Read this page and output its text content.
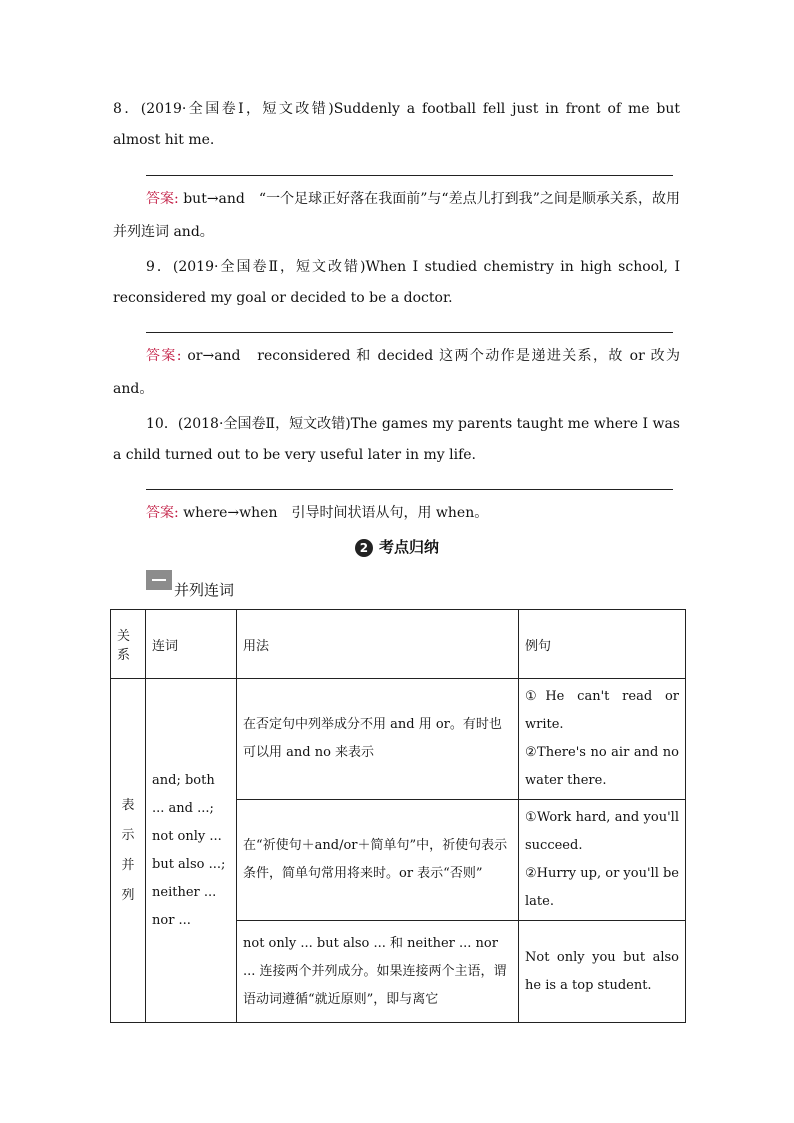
8．(2019·全国卷Ⅰ，短文改错)Suddenly a football fell just in front of me but almost hit me.
答案: but→and　“一个足球正好落在我面前”与“差点儿打到我”之间是顺承关系，故用并列连词 and。
9．(2019·全国卷Ⅱ，短文改错)When I studied chemistry in high school, I reconsidered my goal or decided to be a doctor.
答案: or→and　reconsidered 和 decided 这两个动作是递进关系，故 or 改为 and。
10．(2018·全国卷Ⅱ，短文改错)The games my parents taught me where I was a child turned out to be very useful later in my life.
答案: where→when　引导时间状语从句，用 when。
2 考点归纳
并列连词
关系	连词	用法	例句
表示并列	and; both ... and ...; not only ... but also ...; neither ... nor ...	在否定句中列举成分不用 and 用 or。有时也可以用 and no 来表示	①He can't read or write.
②There's no air and no water there.
		在“祈使句＋and/or＋简单句”中，祈使句表示条件，简单句常用将来时。or 表示“否则”	①Work hard, and you'll succeed.
②Hurry up, or you'll be late.
		not only ... but also ... 和 neither ... nor ... 连接两个并列成分。如果连接两个主语，谓语动词遵循“就近原则”，即与离它	Not only you but also he is a top student.
